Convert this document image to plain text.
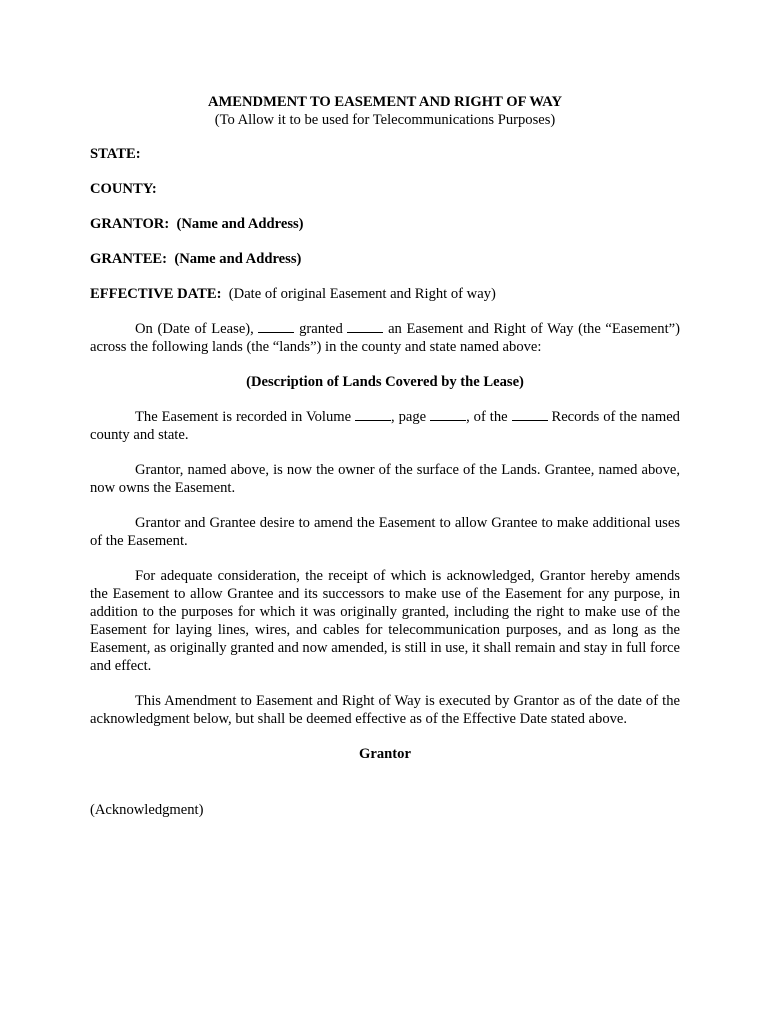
AMENDMENT TO EASEMENT AND RIGHT OF WAY
(To Allow it to be used for Telecommunications Purposes)
STATE:
COUNTY:
GRANTOR: (Name and Address)
GRANTEE: (Name and Address)
EFFECTIVE DATE: (Date of original Easement and Right of way)

On (Date of Lease),	granted	an Easement and Right of Way (the “Easement”) across the following lands (the “lands”) in the county and state named above:

(Description of Lands Covered by the Lease)

The Easement is recorded in Volume	, page	, of the	Records of the named county and state.

Grantor, named above, is now the owner of the surface of the Lands. Grantee, named above, now owns the Easement.

Grantor and Grantee desire to amend the Easement to allow Grantee to make additional uses of the Easement.

For adequate consideration, the receipt of which is acknowledged, Grantor hereby amends the Easement to allow Grantee and its successors to make use of the Easement for any purpose, in addition to the purposes for which it was originally granted, including the right to make use of the Easement for laying lines, wires, and cables for telecommunication purposes, and as long as the Easement, as originally granted and now amended, is still in use, it shall remain and stay in full force and effect.

This Amendment to Easement and Right of Way is executed by Grantor as of the date of the acknowledgment below, but shall be deemed effective as of the Effective Date stated above.

Grantor
(Acknowledgment)
